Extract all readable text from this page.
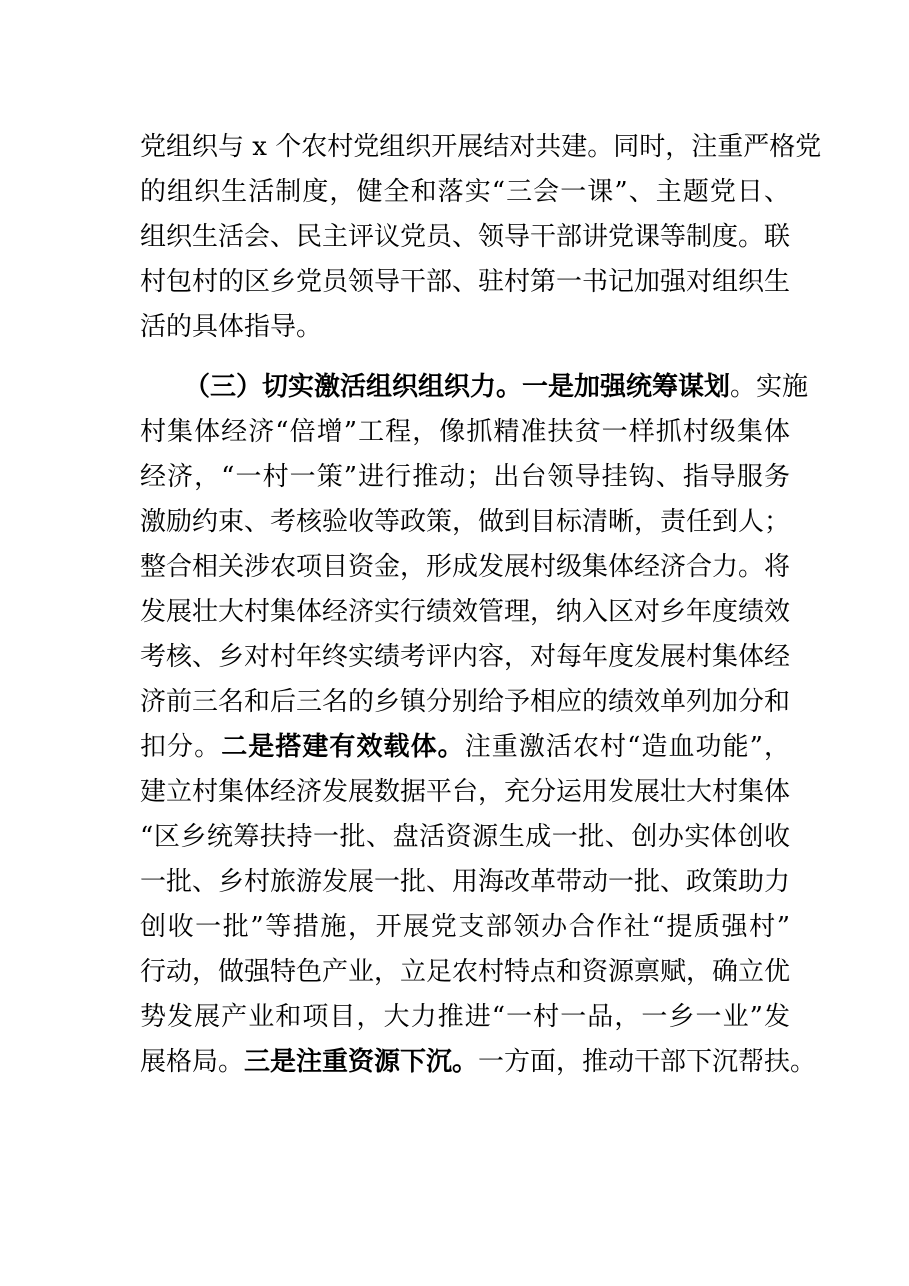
党组织与 x 个农村党组织开展结对共建。同时，注重严格党
的组织生活制度，健全和落实“三会一课”、主题党日、
组织生活会、民主评议党员、领导干部讲党课等制度。联
村包村的区乡党员领导干部、驻村第一书记加强对组织生
活的具体指导。
（三）切实激活组织组织力。一是加强统筹谋划。实施
村集体经济“倍增”工程，像抓精准扶贫一样抓村级集体
经济，“一村一策”进行推动；出台领导挂钩、指导服务
激励约束、考核验收等政策，做到目标清晰，责任到人；
整合相关涉农项目资金，形成发展村级集体经济合力。将
发展壮大村集体经济实行绩效管理，纳入区对乡年度绩效
考核、乡对村年终实绩考评内容，对每年度发展村集体经
济前三名和后三名的乡镇分别给予相应的绩效单列加分和
扣分。二是搭建有效载体。注重激活农村“造血功能”，
建立村集体经济发展数据平台，充分运用发展壮大村集体
“区乡统筹扶持一批、盘活资源生成一批、创办实体创收
一批、乡村旅游发展一批、用海改革带动一批、政策助力
创收一批”等措施，开展党支部领办合作社“提质强村”
行动，做强特色产业，立足农村特点和资源禀赋，确立优
势发展产业和项目，大力推进“一村一品，一乡一业”发
展格局。三是注重资源下沉。一方面，推动干部下沉帮扶。
